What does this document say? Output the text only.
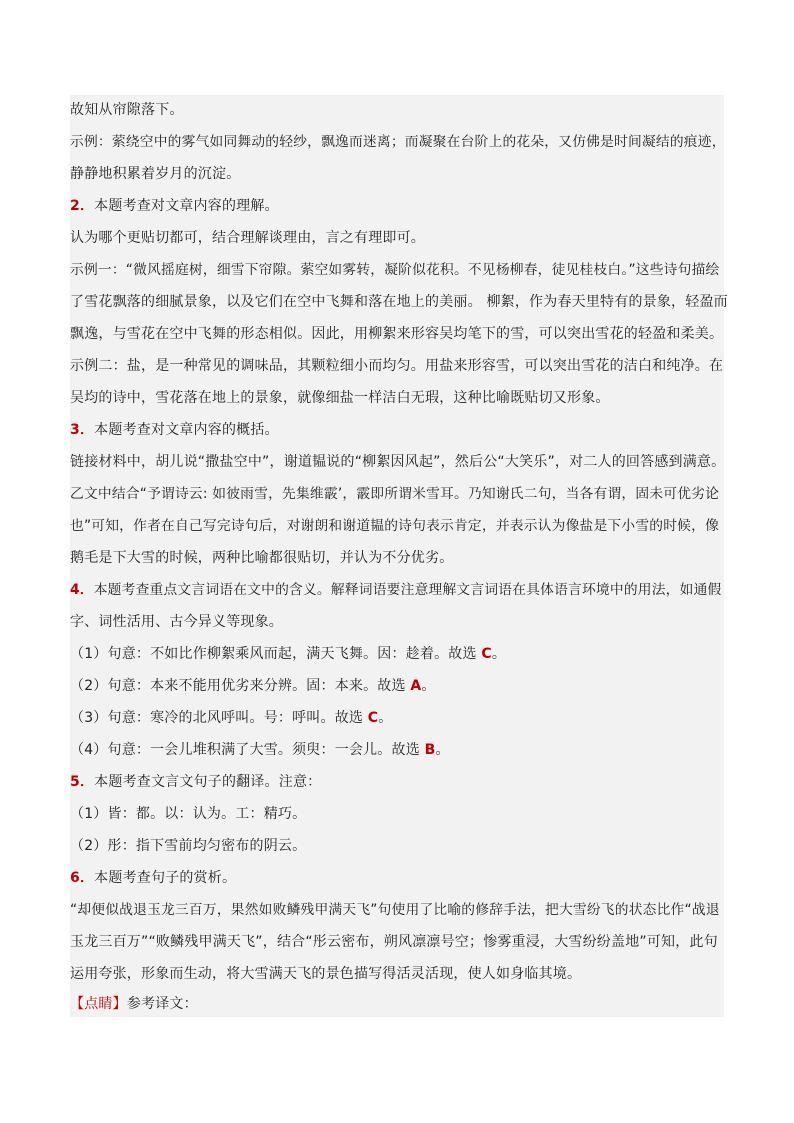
故知从帘隙落下。
示例：萦绕空中的雾气如同舞动的轻纱，飘逸而迷离；而凝聚在台阶上的花朵，又仿佛是时间凝结的痕迹，
静静地积累着岁月的沉淀。
2．本题考查对文章内容的理解。
认为哪个更贴切都可，结合理解谈理由，言之有理即可。
示例一：“微风摇庭树，细雪下帘隙。萦空如雾转，凝阶似花积。不见杨柳春，徒见桂枝白。”这些诗句描绘
了雪花飘落的细腻景象，以及它们在空中飞舞和落在地上的美丽。 柳絮，作为春天里特有的景象，轻盈而
飘逸，与雪花在空中飞舞的形态相似。因此，用柳絮来形容吴均笔下的雪，可以突出雪花的轻盈和柔美。
示例二：盐，是一种常见的调味品，其颗粒细小而均匀。用盐来形容雪，可以突出雪花的洁白和纯净。在
吴均的诗中，雪花落在地上的景象，就像细盐一样洁白无瑕，这种比喻既贴切又形象。
3．本题考查对文章内容的概括。
链接材料中，胡儿说“撒盐空中”，谢道韫说的“柳絮因风起”，然后公“大笑乐”，对二人的回答感到满意。
乙文中结合“予谓诗云: 如彼雨雪，先集维霰’，霰即所谓米雪耳。乃知谢氏二句，当各有谓，固未可优劣论
也”可知，作者在自己写完诗句后，对谢朗和谢道韫的诗句表示肯定，并表示认为像盐是下小雪的时候，像
鹅毛是下大雪的时候，两种比喻都很贴切，并认为不分优劣。
4．本题考查重点文言词语在文中的含义。解释词语要注意理解文言词语在具体语言环境中的用法，如通假
字、词性活用、古今异义等现象。
（1）句意：不如比作柳絮乘风而起，满天飞舞。因：趁着。故选 C。
（2）句意：本来不能用优劣来分辨。固：本来。故选 A。
（3）句意：寒冷的北风呼叫。号：呼叫。故选 C。
（4）句意：一会儿堆积满了大雪。须臾：一会儿。故选 B。
5．本题考查文言文句子的翻译。注意：
（1）皆：都。以：认为。工：精巧。
（2）彤：指下雪前均匀密布的阴云。
6．本题考查句子的赏析。
“却便似战退玉龙三百万，果然如败鳞残甲满天飞”句使用了比喻的修辞手法，把大雪纷飞的状态比作“战退
玉龙三百万”“败鳞残甲满天飞”，结合“彤云密布，朔风凛凛号空；惨雾重浸，大雪纷纷盖地”可知，此句
运用夸张，形象而生动，将大雪满天飞的景色描写得活灵活现，使人如身临其境。
【点睛】参考译文：
